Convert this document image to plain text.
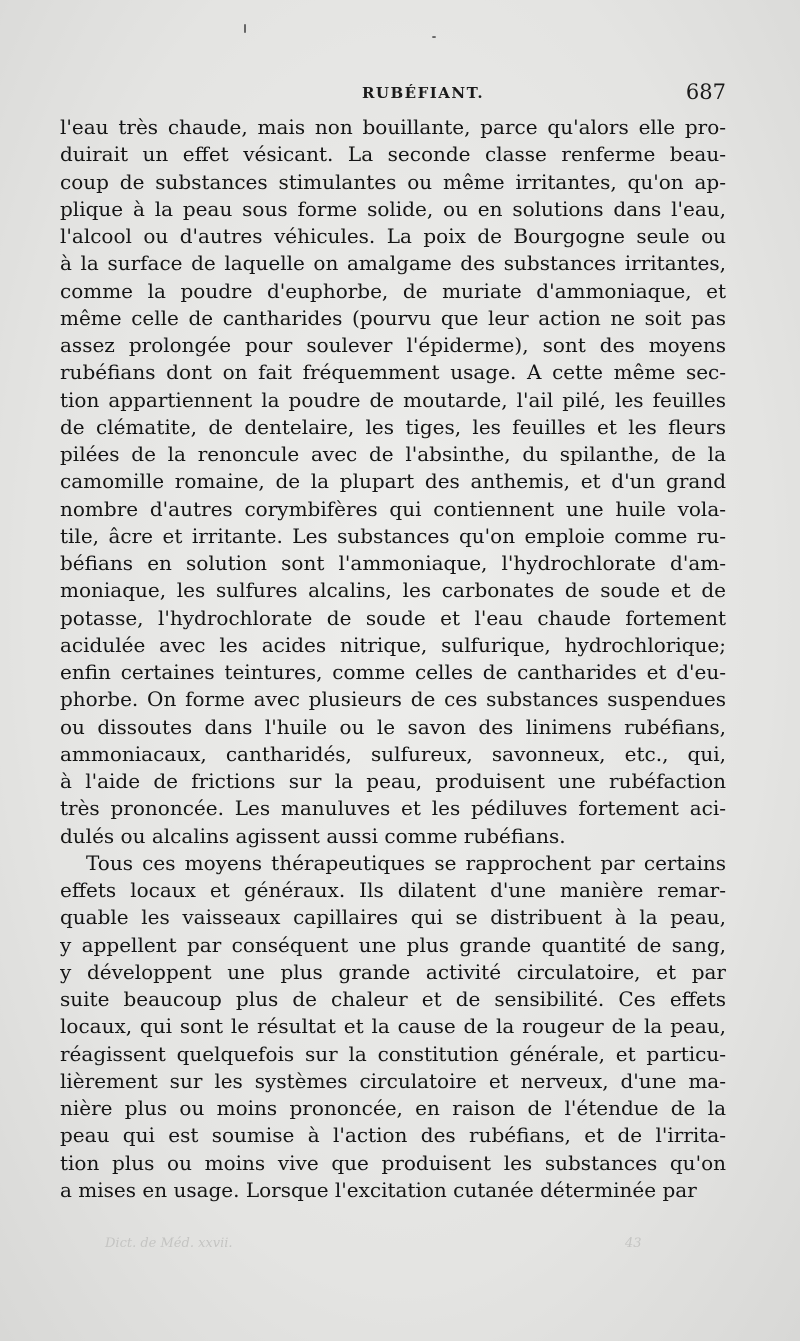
RUBÉFIANT.	687
l'eau très chaude, mais non bouillante, parce qu'alors elle pro-
duirait un effet vésicant. La seconde classe renferme beau-
coup de substances stimulantes ou même irritantes, qu'on ap-
plique à la peau sous forme solide, ou en solutions dans l'eau,
l'alcool ou d'autres véhicules. La poix de Bourgogne seule ou
à la surface de laquelle on amalgame des substances irritantes,
comme la poudre d'euphorbe, de muriate d'ammoniaque, et
même celle de cantharides (pourvu que leur action ne soit pas
assez prolongée pour soulever l'épiderme), sont des moyens
rubéfians dont on fait fréquemment usage. A cette même sec-
tion appartiennent la poudre de moutarde, l'ail pilé, les feuilles
de clématite, de dentelaire, les tiges, les feuilles et les fleurs
pilées de la renoncule avec de l'absinthe, du spilanthe, de la
camomille romaine, de la plupart des anthemis, et d'un grand
nombre d'autres corymbifères qui contiennent une huile vola-
tile, âcre et irritante. Les substances qu'on emploie comme ru-
béfians en solution sont l'ammoniaque, l'hydrochlorate d'am-
moniaque, les sulfures alcalins, les carbonates de soude et de
potasse, l'hydrochlorate de soude et l'eau chaude fortement
acidulée avec les acides nitrique, sulfurique, hydrochlorique;
enfin certaines teintures, comme celles de cantharides et d'eu-
phorbe. On forme avec plusieurs de ces substances suspendues
ou dissoutes dans l'huile ou le savon des linimens rubéfians,
ammoniacaux, cantharidés, sulfureux, savonneux, etc., qui,
à l'aide de frictions sur la peau, produisent une rubéfaction
très prononcée. Les manuluves et les pédiluves fortement aci-
dulés ou alcalins agissent aussi comme rubéfians.
Tous ces moyens thérapeutiques se rapprochent par certains
effets locaux et généraux. Ils dilatent d'une manière remar-
quable les vaisseaux capillaires qui se distribuent à la peau,
y appellent par conséquent une plus grande quantité de sang,
y développent une plus grande activité circulatoire, et par
suite beaucoup plus de chaleur et de sensibilité. Ces effets
locaux, qui sont le résultat et la cause de la rougeur de la peau,
réagissent quelquefois sur la constitution générale, et particu-
lièrement sur les systèmes circulatoire et nerveux, d'une ma-
nière plus ou moins prononcée, en raison de l'étendue de la
peau qui est soumise à l'action des rubéfians, et de l'irrita-
tion plus ou moins vive que produisent les substances qu'on
a mises en usage. Lorsque l'excitation cutanée déterminée par
Dict. de Méd. xxvii.	43
